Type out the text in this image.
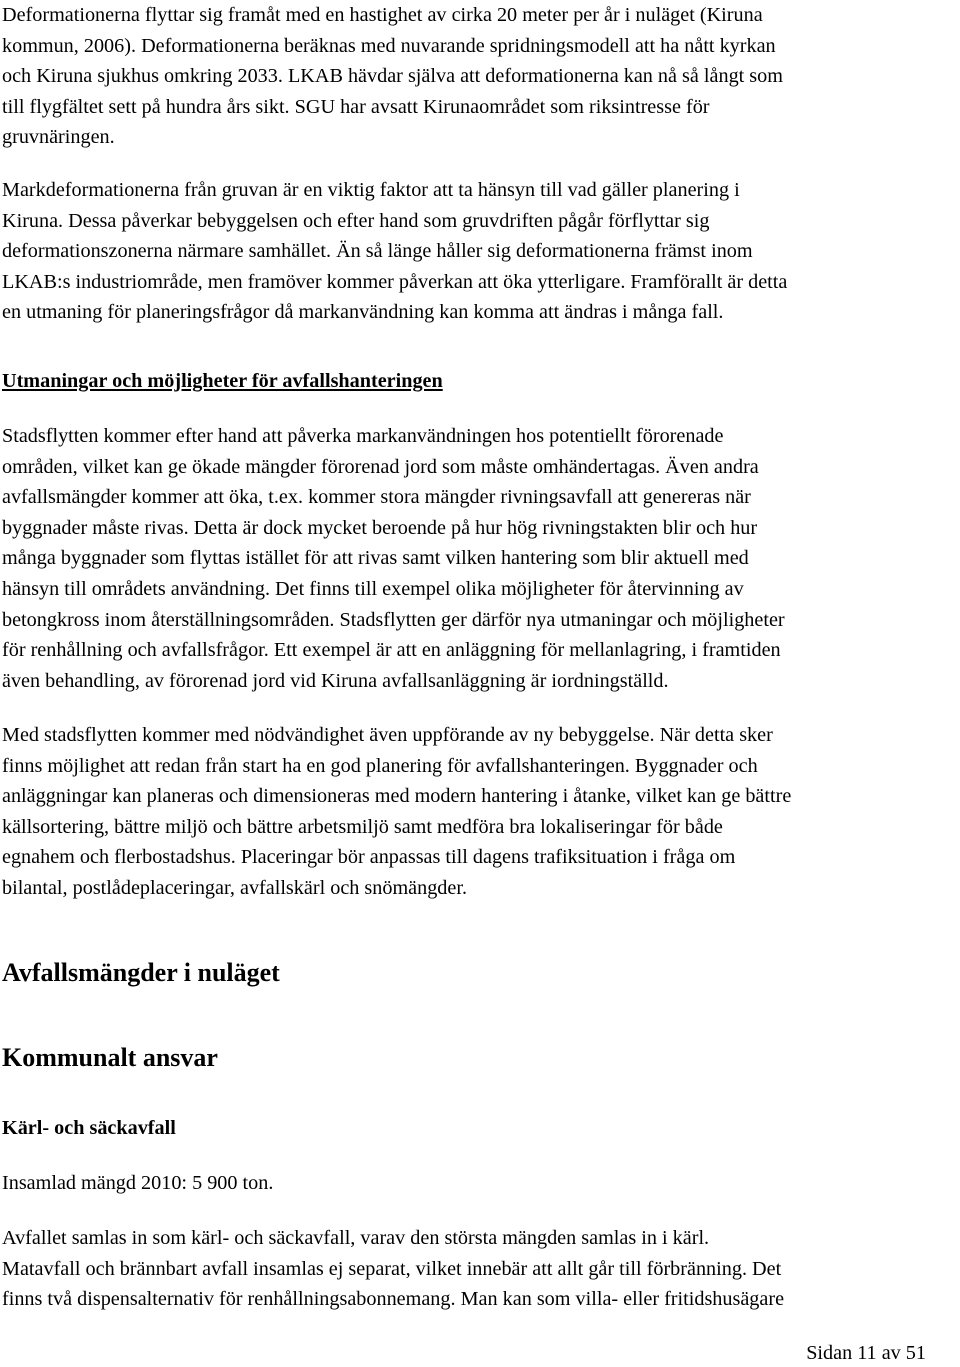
Deformationerna flyttar sig framåt med en hastighet av cirka 20 meter per år i nuläget (Kiruna
kommun, 2006). Deformationerna beräknas med nuvarande spridningsmodell att ha nått kyrkan
och Kiruna sjukhus omkring 2033. LKAB hävdar själva att deformationerna kan nå så långt som
till flygfältet sett på hundra års sikt. SGU har avsatt Kirunaområdet som riksintresse för
gruvnäringen.
Markdeformationerna från gruvan är en viktig faktor att ta hänsyn till vad gäller planering i
Kiruna. Dessa påverkar bebyggelsen och efter hand som gruvdriften pågår förflyttar sig
deformationszonerna närmare samhället. Än så länge håller sig deformationerna främst inom
LKAB:s industriområde, men framöver kommer påverkan att öka ytterligare. Framförallt är detta
en utmaning för planeringsfrågor då markanvändning kan komma att ändras i många fall.
Utmaningar och möjligheter för avfallshanteringen
Stadsflytten kommer efter hand att påverka markanvändningen hos potentiellt förorenade
områden, vilket kan ge ökade mängder förorenad jord som måste omhändertagas. Även andra
avfallsmängder kommer att öka, t.ex. kommer stora mängder rivningsavfall att genereras när
byggnader måste rivas. Detta är dock mycket beroende på hur hög rivningstakten blir och hur
många byggnader som flyttas istället för att rivas samt vilken hantering som blir aktuell med
hänsyn till områdets användning. Det finns till exempel olika möjligheter för återvinning av
betongkross inom återställningsområden. Stadsflytten ger därför nya utmaningar och möjligheter
för renhållning och avfallsfrågor. Ett exempel är att en anläggning för mellanlagring, i framtiden
även behandling, av förorenad jord vid Kiruna avfallsanläggning är iordningställd.
Med stadsflytten kommer med nödvändighet även uppförande av ny bebyggelse. När detta sker
finns möjlighet att redan från start ha en god planering för avfallshanteringen. Byggnader och
anläggningar kan planeras och dimensioneras med modern hantering i åtanke, vilket kan ge bättre
källsortering, bättre miljö och bättre arbetsmiljö samt medföra bra lokaliseringar för både
egnahem och flerbostadshus. Placeringar bör anpassas till dagens trafiksituation i fråga om
bilantal, postlådeplaceringar, avfallskärl och snömängder.
Avfallsmängder i nuläget
Kommunalt ansvar
Kärl- och säckavfall
Insamlad mängd 2010: 5 900 ton.
Avfallet samlas in som kärl- och säckavfall, varav den största mängden samlas in i kärl.
Matavfall och brännbart avfall insamlas ej separat, vilket innebär att allt går till förbränning. Det
finns två dispensalternativ för renhållningsabonnemang. Man kan som villa- eller fritidshusägare
Sidan 11 av 51
